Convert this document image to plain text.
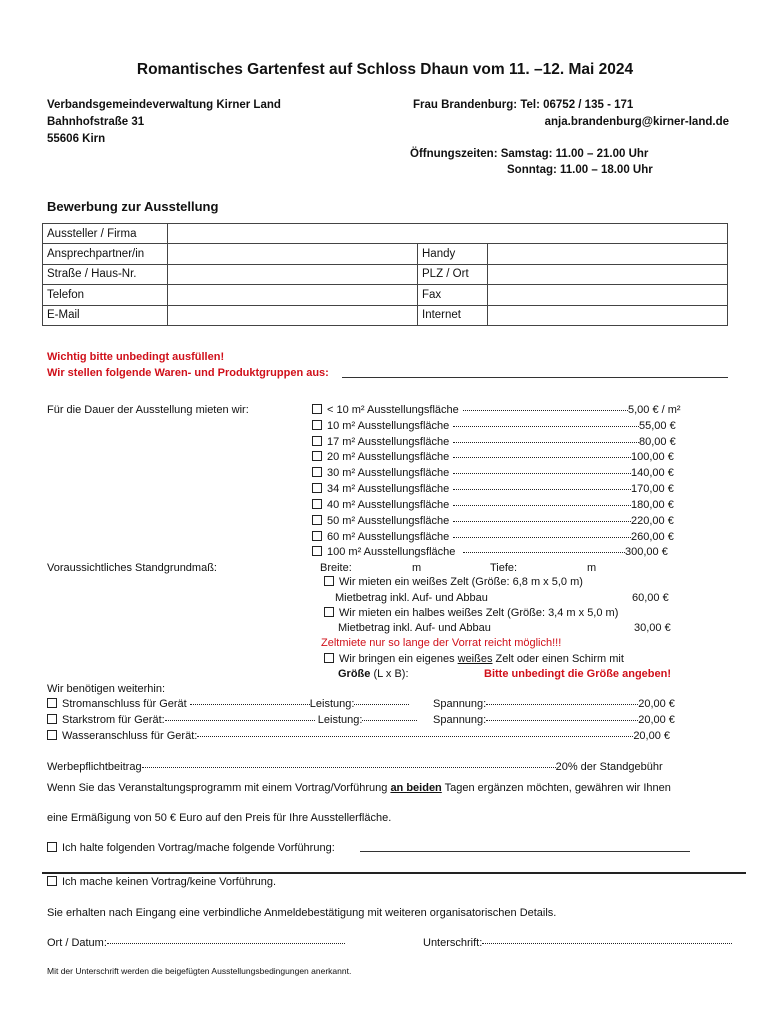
Romantisches Gartenfest auf Schloss Dhaun vom 11. –12. Mai 2024
Verbandsgemeindeverwaltung Kirner Land
Bahnhofstraße 31
55606 Kirn
Frau Brandenburg: Tel: 06752 / 135 - 171
anja.brandenburg@kirner-land.de
Öffnungszeiten: Samstag: 11.00 – 21.00 Uhr
Sonntag: 11.00 – 18.00 Uhr
Bewerbung zur Ausstellung
Aussteller / Firma			
Ansprechpartner/in		Handy	
Straße / Haus-Nr.		PLZ / Ort	
Telefon		Fax	
E-Mail		Internet	
Wichtig bitte unbedingt ausfüllen!
Wir stellen folgende Waren- und Produktgruppen aus:
Für die Dauer der Ausstellung mieten wir:	< 10 m² Ausstellungsfläche	5,00 € / m²
10 m² Ausstellungsfläche	55,00 €
17 m² Ausstellungsfläche	80,00 €
20 m² Ausstellungsfläche	100,00 €
30 m² Ausstellungsfläche	140,00 €
34 m² Ausstellungsfläche	170,00 €
40 m² Ausstellungsfläche	180,00 €
50 m² Ausstellungsfläche	220,00 €
60 m² Ausstellungsfläche	260,00 €
100 m² Ausstellungsfläche	300,00 €
Voraussichtliches Standgrundmaß:	Breite:	m	Tiefe:	m
Wir mieten ein weißes Zelt (Größe: 6,8 m x 5,0 m)
Mietbetrag inkl. Auf- und Abbau	60,00 €
Wir mieten ein halbes weißes Zelt (Größe: 3,4 m x 5,0 m)
Mietbetrag inkl. Auf- und Abbau	30,00 €
Zeltmiete nur so lange der Vorrat reicht möglich!!!
Wir bringen ein eigenes weißes Zelt oder einen Schirm mit
Größe (L x B):	Bitte unbedingt die Größe angeben!
Wir benötigen weiterhin:
Stromanschluss für Gerät	Leistung:	Spannung:	20,00 €
Starkstrom für Gerät:	Leistung:	Spannung:	20,00 €
Wasseranschluss für Gerät:	20,00 €
Werbepflichtbeitrag	20% der Standgebühr
Wenn Sie das Veranstaltungsprogramm mit einem Vortrag/Vorführung an beiden Tagen ergänzen möchten, gewähren wir Ihnen
eine Ermäßigung von 50 € Euro auf den Preis für Ihre Ausstellerfläche.
Ich halte folgenden Vortrag/mache folgende Vorführung:
Ich mache keinen Vortrag/keine Vorführung.
Sie erhalten nach Eingang eine verbindliche Anmeldebestätigung mit weiteren organisatorischen Details.
Ort / Datum:	Unterschrift:
Mit der Unterschrift werden die beigefügten Ausstellungsbedingungen anerkannt.
